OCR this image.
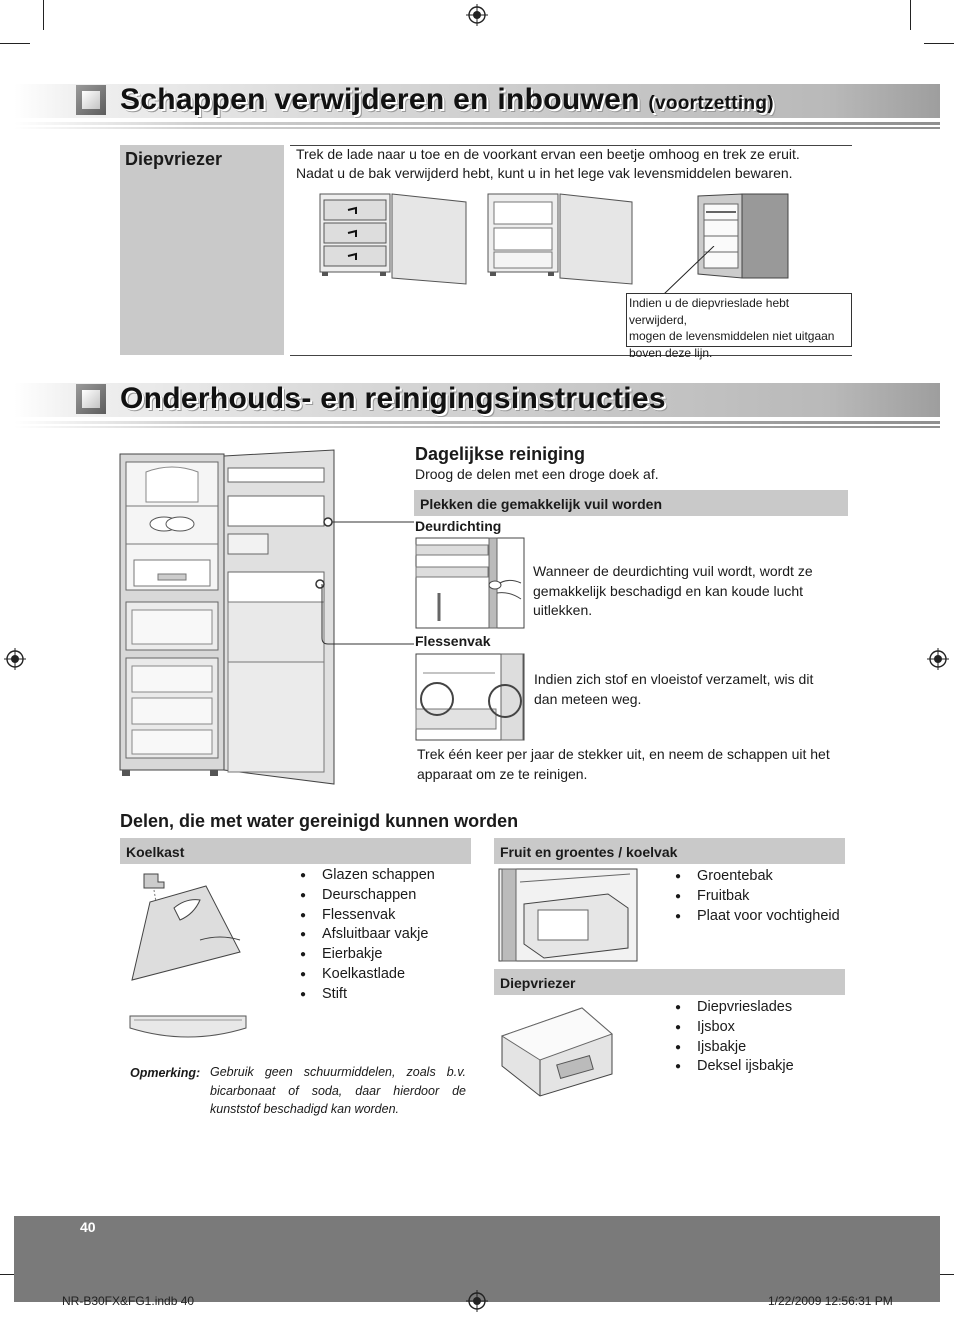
Schappen verwijderen en inbouwen (voortzetting)
Diepvriezer	Trek de lade naar u toe en de voorkant ervan een beetje omhoog en trek ze eruit.
Nadat u de bak verwijderd hebt, kunt u in het lege vak levensmiddelen bewaren.
Indien u de diepvrieslade hebt verwijderd,
mogen de levensmiddelen niet uitgaan
boven deze lijn.
Onderhouds- en reinigingsinstructies
Dagelijkse reiniging
Droog de delen met een droge doek af.
Plekken die gemakkelijk vuil worden
Deurdichting
Wanneer de deurdichting vuil wordt, wordt ze gemakkelijk beschadigd en kan koude lucht uitlekken.
Flessenvak
Indien zich stof en vloeistof verzamelt, wis dit dan meteen weg.
Trek één keer per jaar de stekker uit, en neem de schappen uit het apparaat om ze te reinigen.
Delen, die met water gereinigd kunnen worden
Koelkast
● Glazen schappen
● Deurschappen
● Flessenvak
● Afsluitbaar vakje
● Eierbakje
● Koelkastlade
● Stift
Opmerking: Gebruik geen schuurmiddelen, zoals b.v. bicarbonaat of soda, daar hierdoor de kunststof beschadigd kan worden.
Fruit en groentes / koelvak
● Groentebak
● Fruitbak
● Plaat voor vochtigheid
Diepvriezer
● Diepvrieslades
● Ijsbox
● Ijsbakje
● Deksel ijsbakje
40
NR-B30FX&FG1.indb 40	1/22/2009 12:56:31 PM
